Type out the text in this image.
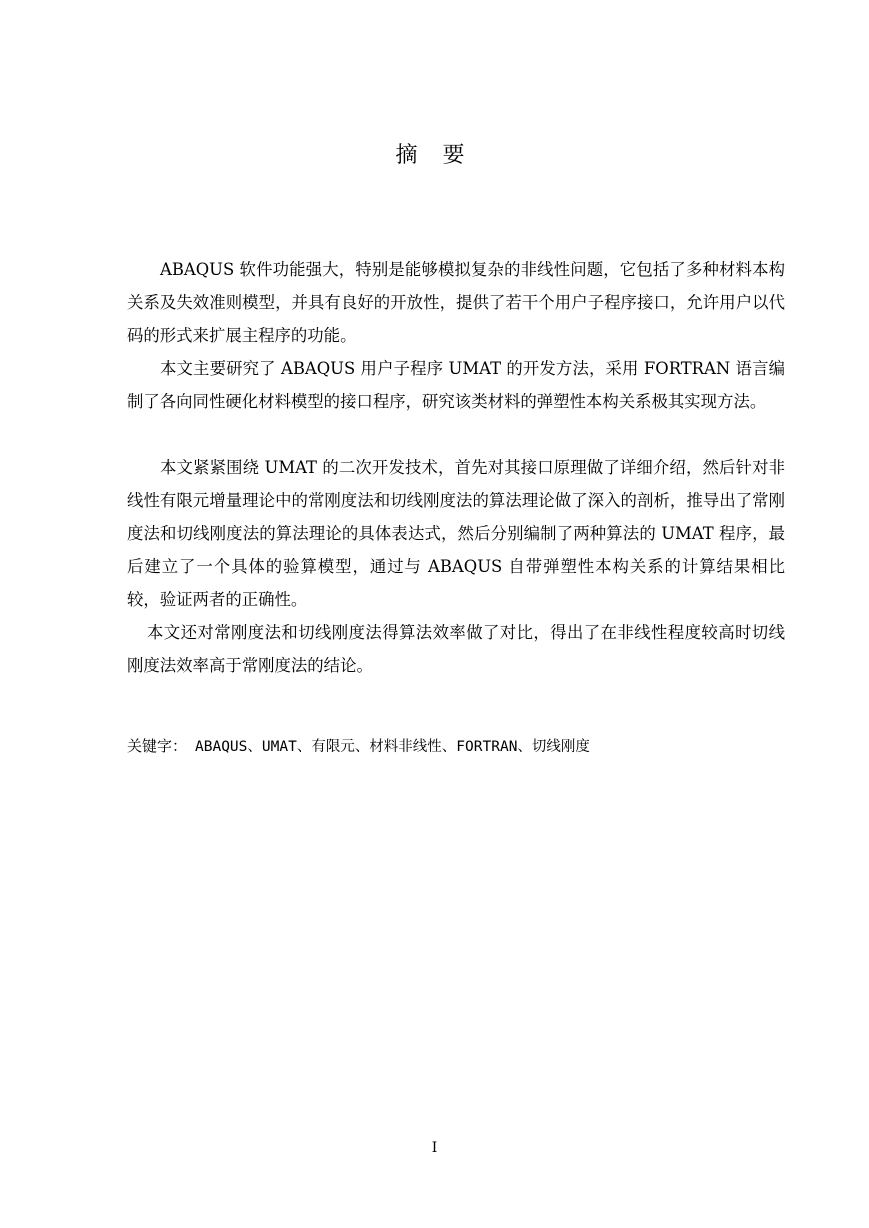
摘 要

ABAQUS 软件功能强大，特别是能够模拟复杂的非线性问题，它包括了多种材料本构关系及失效准则模型，并具有良好的开放性，提供了若干个用户子程序接口，允许用户以代码的形式来扩展主程序的功能。

本文主要研究了 ABAQUS 用户子程序 UMAT 的开发方法，采用 FORTRAN 语言编制了各向同性硬化材料模型的接口程序，研究该类材料的弹塑性本构关系极其实现方法。

本文紧紧围绕 UMAT 的二次开发技术，首先对其接口原理做了详细介绍，然后针对非线性有限元增量理论中的常刚度法和切线刚度法的算法理论做了深入的剖析，推导出了常刚度法和切线刚度法的算法理论的具体表达式，然后分别编制了两种算法的 UMAT 程序，最后建立了一个具体的验算模型，通过与 ABAQUS 自带弹塑性本构关系的计算结果相比较，验证两者的正确性。

本文还对常刚度法和切线刚度法得算法效率做了对比，得出了在非线性程度较高时切线刚度法效率高于常刚度法的结论。

关键字： ABAQUS、UMAT、有限元、材料非线性、FORTRAN、切线刚度
I
